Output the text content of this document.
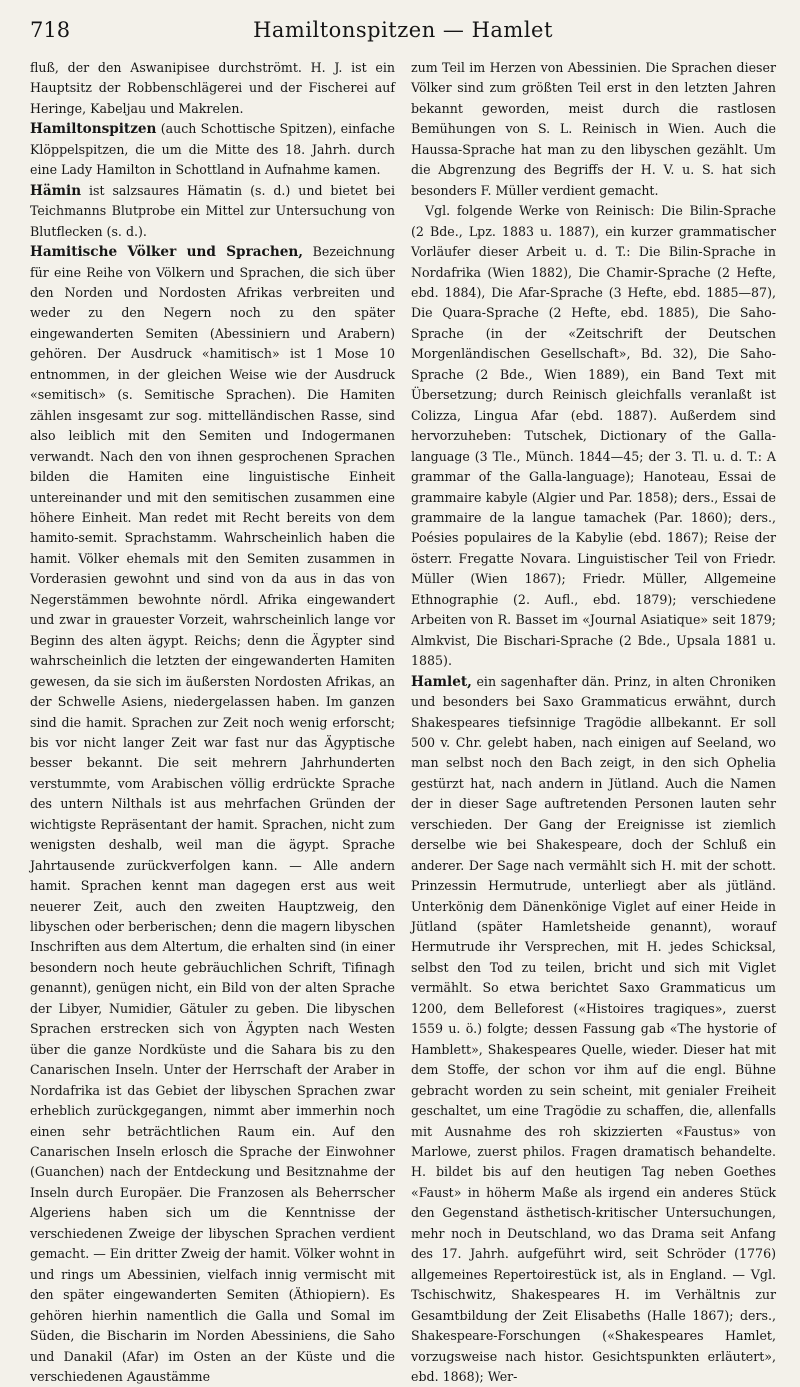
718	Hamiltonspitzen — Hamlet

fluß, der den Aswanipisee durchströmt. H. J. ist ein Hauptsitz der Robbenschlägerei und der Fischerei auf Heringe, Kabeljau und Makrelen.

Hamiltonspitzen (auch Schottische Spitzen), einfache Klöppelspitzen, die um die Mitte des 18. Jahrh. durch eine Lady Hamilton in Schottland in Aufnahme kamen.

Hämin ist salzsaures Hämatin (s. d.) und bietet bei Teichmanns Blutprobe ein Mittel zur Untersuchung von Blutflecken (s. d.).

Hamitische Völker und Sprachen, Bezeichnung für eine Reihe von Völkern und Sprachen, die sich über den Norden und Nordosten Afrikas verbreiten und weder zu den Negern noch zu den später eingewanderten Semiten (Abessiniern und Arabern) gehören. Der Ausdruck «hamitisch» ist 1 Mose 10 entnommen, in der gleichen Weise wie der Ausdruck «semitisch» (s. Semitische Sprachen). Die Hamiten zählen insgesamt zur sog. mittelländischen Rasse, sind also leiblich mit den Semiten und Indogermanen verwandt. Nach den von ihnen gesprochenen Sprachen bilden die Hamiten eine linguistische Einheit untereinander und mit den semitischen zusammen eine höhere Einheit. Man redet mit Recht bereits von dem hamito-semit. Sprachstamm. Wahrscheinlich haben die hamit. Völker ehemals mit den Semiten zusammen in Vorderasien gewohnt und sind von da aus in das von Negerstämmen bewohnte nördl. Afrika eingewandert und zwar in grauester Vorzeit, wahrscheinlich lange vor Beginn des alten ägypt. Reichs; denn die Ägypter sind wahrscheinlich die letzten der eingewanderten Hamiten gewesen, da sie sich im äußersten Nordosten Afrikas, an der Schwelle Asiens, niedergelassen haben. Im ganzen sind die hamit. Sprachen zur Zeit noch wenig erforscht; bis vor nicht langer Zeit war fast nur das Ägyptische besser bekannt. Die seit mehrern Jahrhunderten verstummte, vom Arabischen völlig erdrückte Sprache des untern Nilthals ist aus mehrfachen Gründen der wichtigste Repräsentant der hamit. Sprachen, nicht zum wenigsten deshalb, weil man die ägypt. Sprache Jahrtausende zurückverfolgen kann. — Alle andern hamit. Sprachen kennt man dagegen erst aus weit neuerer Zeit, auch den zweiten Hauptzweig, den libyschen oder berberischen; denn die magern libyschen Inschriften aus dem Altertum, die erhalten sind (in einer besondern noch heute gebräuchlichen Schrift, Tifinagh genannt), genügen nicht, ein Bild von der alten Sprache der Libyer, Numidier, Gätuler zu geben. Die libyschen Sprachen erstrecken sich von Ägypten nach Westen über die ganze Nordküste und die Sahara bis zu den Canarischen Inseln. Unter der Herrschaft der Araber in Nordafrika ist das Gebiet der libyschen Sprachen zwar erheblich zurückgegangen, nimmt aber immerhin noch einen sehr beträchtlichen Raum ein. Auf den Canarischen Inseln erlosch die Sprache der Einwohner (Guanchen) nach der Entdeckung und Besitznahme der Inseln durch Europäer. Die Franzosen als Beherrscher Algeriens haben sich um die Kenntnisse der verschiedenen Zweige der libyschen Sprachen verdient gemacht. — Ein dritter Zweig der hamit. Völker wohnt in und rings um Abessinien, vielfach innig vermischt mit den später eingewanderten Semiten (Äthiopiern). Es gehören hierhin namentlich die Galla und Somal im Süden, die Bischarin im Norden Abessiniens, die Saho und Danakil (Afar) im Osten an der Küste und die verschiedenen Agaustämme

zum Teil im Herzen von Abessinien. Die Sprachen dieser Völker sind zum größten Teil erst in den letzten Jahren bekannt geworden, meist durch die rastlosen Bemühungen von S. L. Reinisch in Wien. Auch die Haussa-Sprache hat man zu den libyschen gezählt. Um die Abgrenzung des Begriffs der H. V. u. S. hat sich besonders F. Müller verdient gemacht.

Vgl. folgende Werke von Reinisch: Die Bilin-Sprache (2 Bde., Lpz. 1883 u. 1887), ein kurzer grammatischer Vorläufer dieser Arbeit u. d. T.: Die Bilin-Sprache in Nordafrika (Wien 1882), Die Chamir-Sprache (2 Hefte, ebd. 1884), Die Afar-Sprache (3 Hefte, ebd. 1885—87), Die Quara-Sprache (2 Hefte, ebd. 1885), Die Saho-Sprache (in der «Zeitschrift der Deutschen Morgenländischen Gesellschaft», Bd. 32), Die Saho-Sprache (2 Bde., Wien 1889), ein Band Text mit Übersetzung; durch Reinisch gleichfalls veranlaßt ist Colizza, Lingua Afar (ebd. 1887). Außerdem sind hervorzuheben: Tutschek, Dictionary of the Galla-language (3 Tle., Münch. 1844—45; der 3. Tl. u. d. T.: A grammar of the Galla-language); Hanoteau, Essai de grammaire kabyle (Algier und Par. 1858); ders., Essai de grammaire de la langue tamachek (Par. 1860); ders., Poésies populaires de la Kabylie (ebd. 1867); Reise der österr. Fregatte Novara. Linguistischer Teil von Friedr. Müller (Wien 1867); Friedr. Müller, Allgemeine Ethnographie (2. Aufl., ebd. 1879); verschiedene Arbeiten von R. Basset im «Journal Asiatique» seit 1879; Almkvist, Die Bischari-Sprache (2 Bde., Upsala 1881 u. 1885).

Hamlet, ein sagenhafter dän. Prinz, in alten Chroniken und besonders bei Saxo Grammaticus erwähnt, durch Shakespeares tiefsinnige Tragödie allbekannt. Er soll 500 v. Chr. gelebt haben, nach einigen auf Seeland, wo man selbst noch den Bach zeigt, in den sich Ophelia gestürzt hat, nach andern in Jütland. Auch die Namen der in dieser Sage auftretenden Personen lauten sehr verschieden. Der Gang der Ereignisse ist ziemlich derselbe wie bei Shakespeare, doch der Schluß ein anderer. Der Sage nach vermählt sich H. mit der schott. Prinzessin Hermutrude, unterliegt aber als jütländ. Unterkönig dem Dänenkönige Viglet auf einer Heide in Jütland (später Hamletsheide genannt), worauf Hermutrude ihr Versprechen, mit H. jedes Schicksal, selbst den Tod zu teilen, bricht und sich mit Viglet vermählt. So etwa berichtet Saxo Grammaticus um 1200, dem Belleforest («Histoires tragiques», zuerst 1559 u. ö.) folgte; dessen Fassung gab «The hystorie of Hamblett», Shakespeares Quelle, wieder. Dieser hat mit dem Stoffe, der schon vor ihm auf die engl. Bühne gebracht worden zu sein scheint, mit genialer Freiheit geschaltet, um eine Tragödie zu schaffen, die, allenfalls mit Ausnahme des roh skizzierten «Faustus» von Marlowe, zuerst philos. Fragen dramatisch behandelte. H. bildet bis auf den heutigen Tag neben Goethes «Faust» in höherm Maße als irgend ein anderes Stück den Gegenstand ästhetisch-kritischer Untersuchungen, mehr noch in Deutschland, wo das Drama seit Anfang des 17. Jahrh. aufgeführt wird, seit Schröder (1776) allgemeines Repertoirestück ist, als in England. — Vgl. Tschischwitz, Shakespeares H. im Verhältnis zur Gesamtbildung der Zeit Elisabeths (Halle 1867); ders., Shakespeare-Forschungen («Shakespeares Hamlet, vorzugsweise nach histor. Gesichtspunkten erläutert», ebd. 1868); Wer-
